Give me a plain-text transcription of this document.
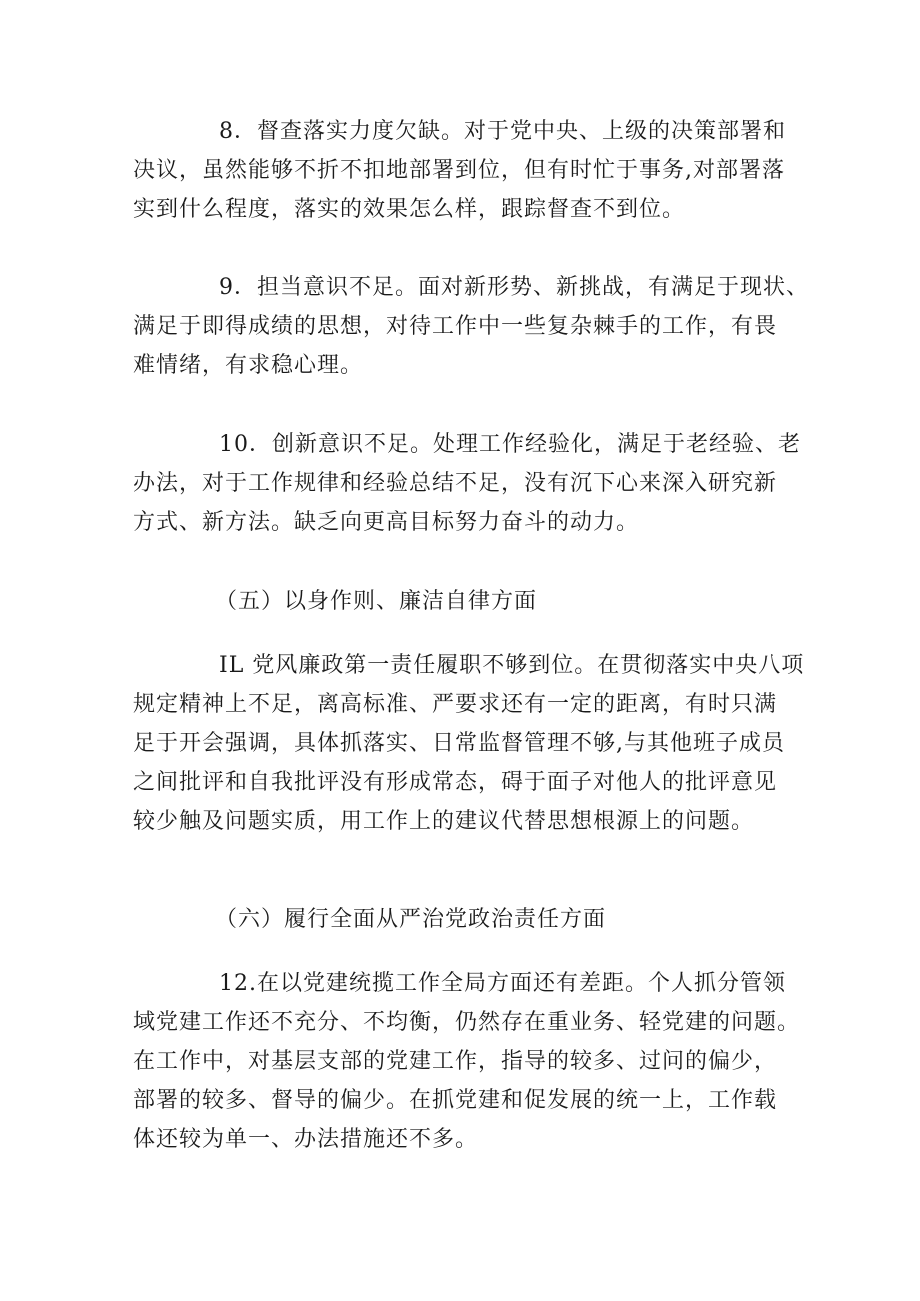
8．督查落实力度欠缺。对于党中央、上级的决策部署和
决议，虽然能够不折不扣地部署到位，但有时忙于事务,对部署落
实到什么程度，落实的效果怎么样，跟踪督查不到位。
9．担当意识不足。面对新形势、新挑战，有满足于现状、
满足于即得成绩的思想，对待工作中一些复杂棘手的工作，有畏
难情绪，有求稳心理。
10．创新意识不足。处理工作经验化，满足于老经验、老
办法，对于工作规律和经验总结不足，没有沉下心来深入研究新
方式、新方法。缺乏向更高目标努力奋斗的动力。
（五）以身作则、廉洁自律方面
IL 党风廉政第一责任履职不够到位。在贯彻落实中央八项
规定精神上不足，离高标准、严要求还有一定的距离，有时只满
足于开会强调，具体抓落实、日常监督管理不够,与其他班子成员
之间批评和自我批评没有形成常态，碍于面子对他人的批评意见
较少触及问题实质，用工作上的建议代替思想根源上的问题。
（六）履行全面从严治党政治责任方面
12.在以党建统揽工作全局方面还有差距。个人抓分管领
域党建工作还不充分、不均衡，仍然存在重业务、轻党建的问题。
在工作中，对基层支部的党建工作，指导的较多、过问的偏少，
部署的较多、督导的偏少。在抓党建和促发展的统一上，工作载
体还较为单一、办法措施还不多。
